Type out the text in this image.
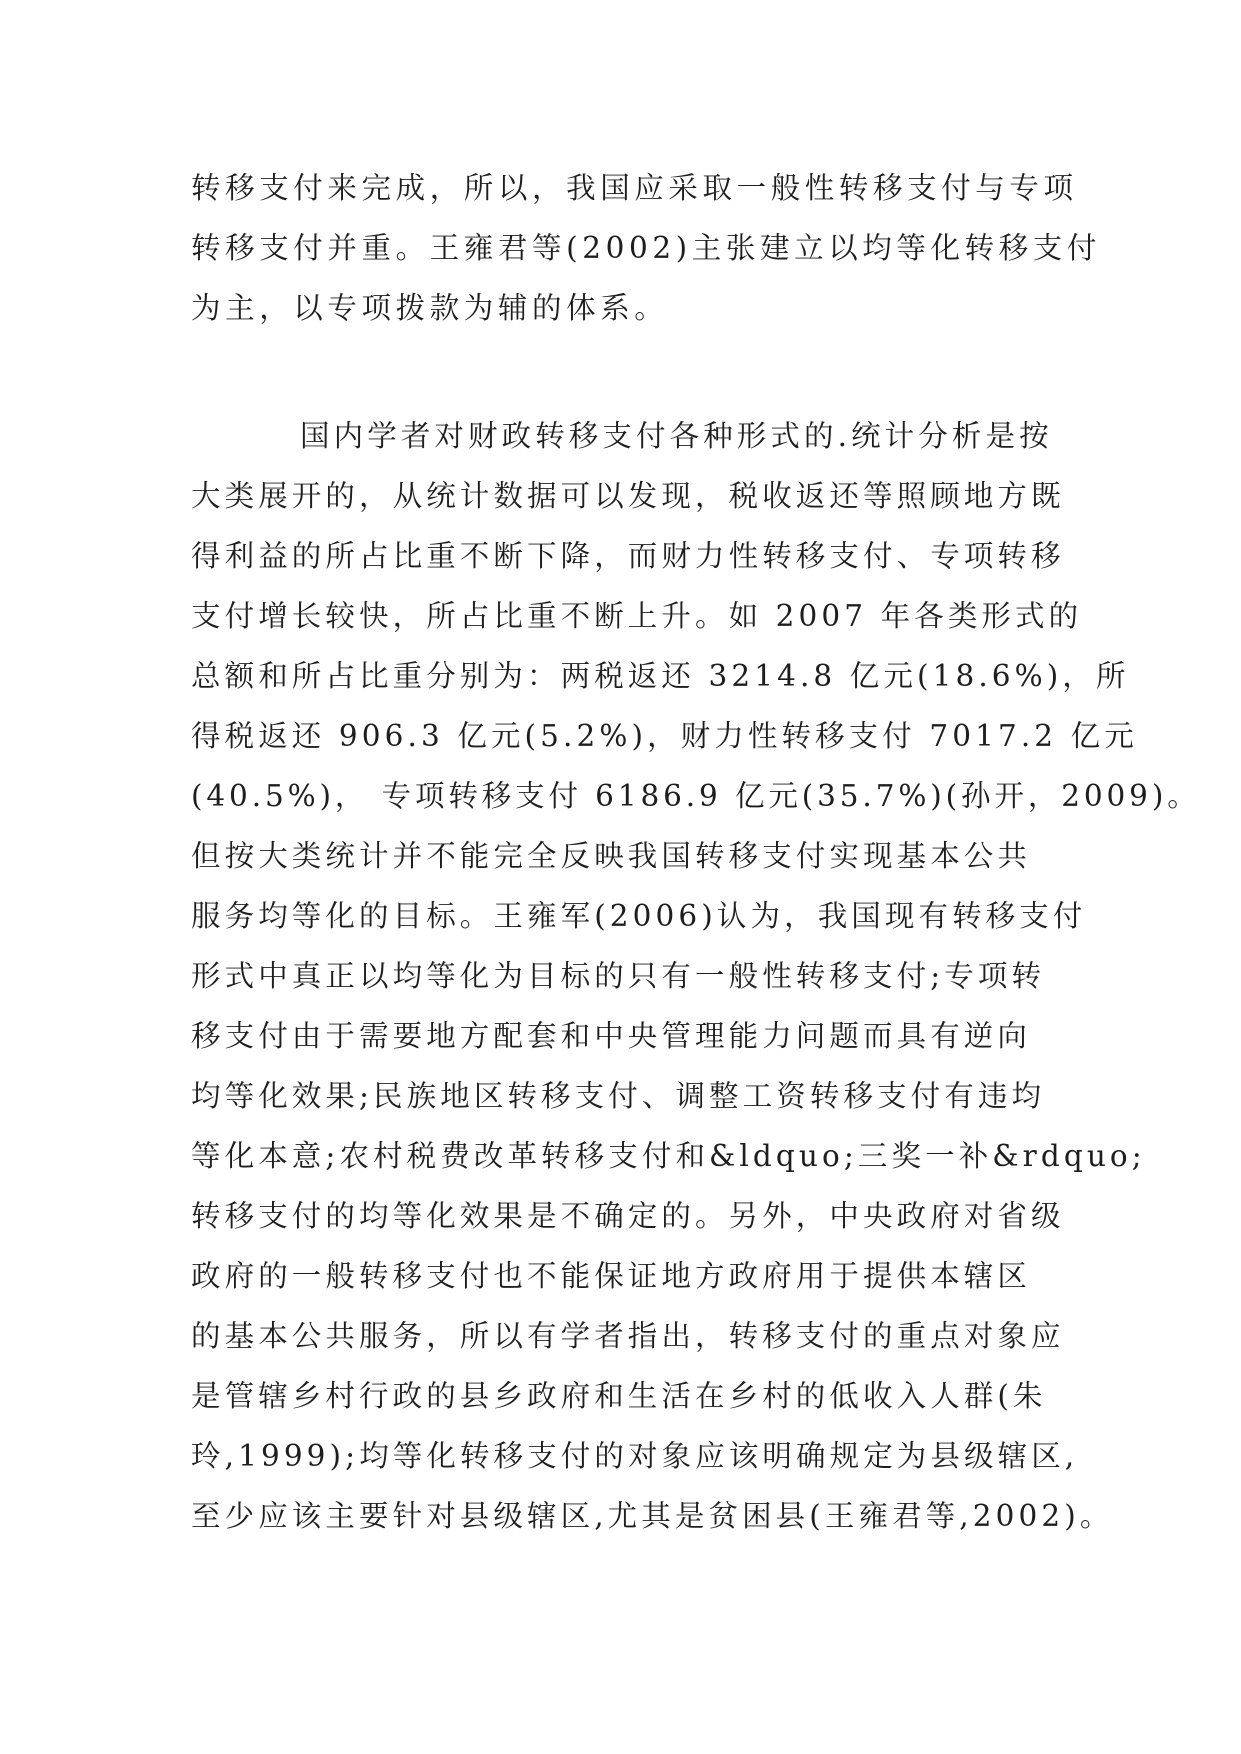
转移支付来完成，所以，我国应采取一般性转移支付与专项
转移支付并重。王雍君等(2002)主张建立以均等化转移支付
为主，以专项拨款为辅的体系。
国内学者对财政转移支付各种形式的.统计分析是按
大类展开的，从统计数据可以发现，税收返还等照顾地方既
得利益的所占比重不断下降，而财力性转移支付、专项转移
支付增长较快，所占比重不断上升。如 2007 年各类形式的
总额和所占比重分别为：两税返还 3214.8 亿元(18.6%)，所
得税返还 906.3 亿元(5.2%)，财力性转移支付 7017.2 亿元
(40.5%)， 专项转移支付 6186.9 亿元(35.7%)(孙开，2009)。
但按大类统计并不能完全反映我国转移支付实现基本公共
服务均等化的目标。王雍军(2006)认为，我国现有转移支付
形式中真正以均等化为目标的只有一般性转移支付;专项转
移支付由于需要地方配套和中央管理能力问题而具有逆向
均等化效果;民族地区转移支付、调整工资转移支付有违均
等化本意;农村税费改革转移支付和&ldquo;三奖一补&rdquo;
转移支付的均等化效果是不确定的。另外，中央政府对省级
政府的一般转移支付也不能保证地方政府用于提供本辖区
的基本公共服务，所以有学者指出，转移支付的重点对象应
是管辖乡村行政的县乡政府和生活在乡村的低收入人群(朱
玲,1999);均等化转移支付的对象应该明确规定为县级辖区,
至少应该主要针对县级辖区,尤其是贫困县(王雍君等,2002)。
